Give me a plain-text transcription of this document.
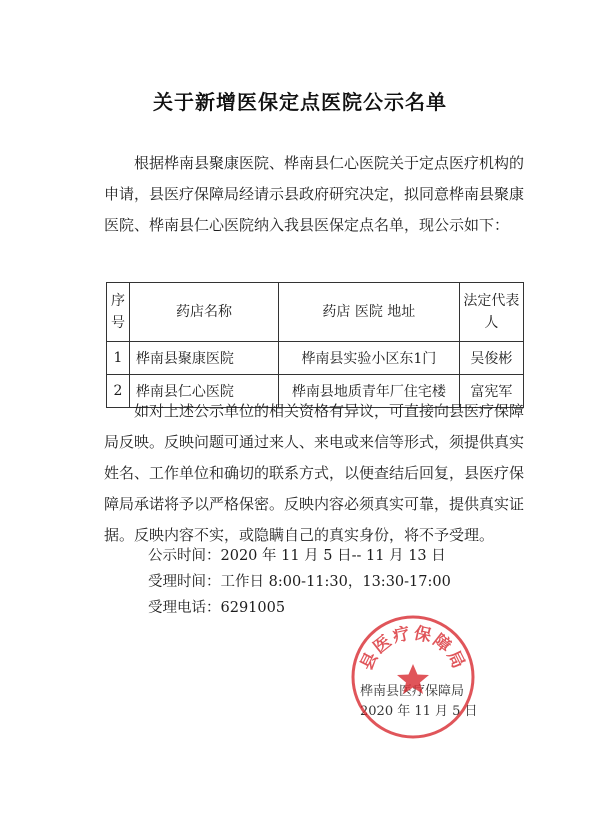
关于新增医保定点医院公示名单

根据桦南县聚康医院、桦南县仁心医院关于定点医疗机构的申请，县医疗保障局经请示县政府研究决定，拟同意桦南县聚康医院、桦南县仁心医院纳入我县医保定点名单，现公示如下：

序号	药店名称	药店 医院 地址	法定代表人
1	桦南县聚康医院	桦南县实验小区东1门	吴俊彬
2	桦南县仁心医院	桦南县地质青年厂住宅楼	富宪军

如对上述公示单位的相关资格有异议，可直接向县医疗保障局反映。反映问题可通过来人、来电或来信等形式，须提供真实姓名、工作单位和确切的联系方式，以便查结后回复，县医疗保障局承诺将予以严格保密。反映内容必须真实可靠，提供真实证据。反映内容不实，或隐瞒自己的真实身份，将不予受理。

公示时间：2020 年 11 月 5 日-- 11 月 13 日
受理时间：工作日 8:00-11:30，13:30-17:00
受理电话：6291005
桦南县医疗保障局
2020 年 11 月 5 日
县医疗保障局
